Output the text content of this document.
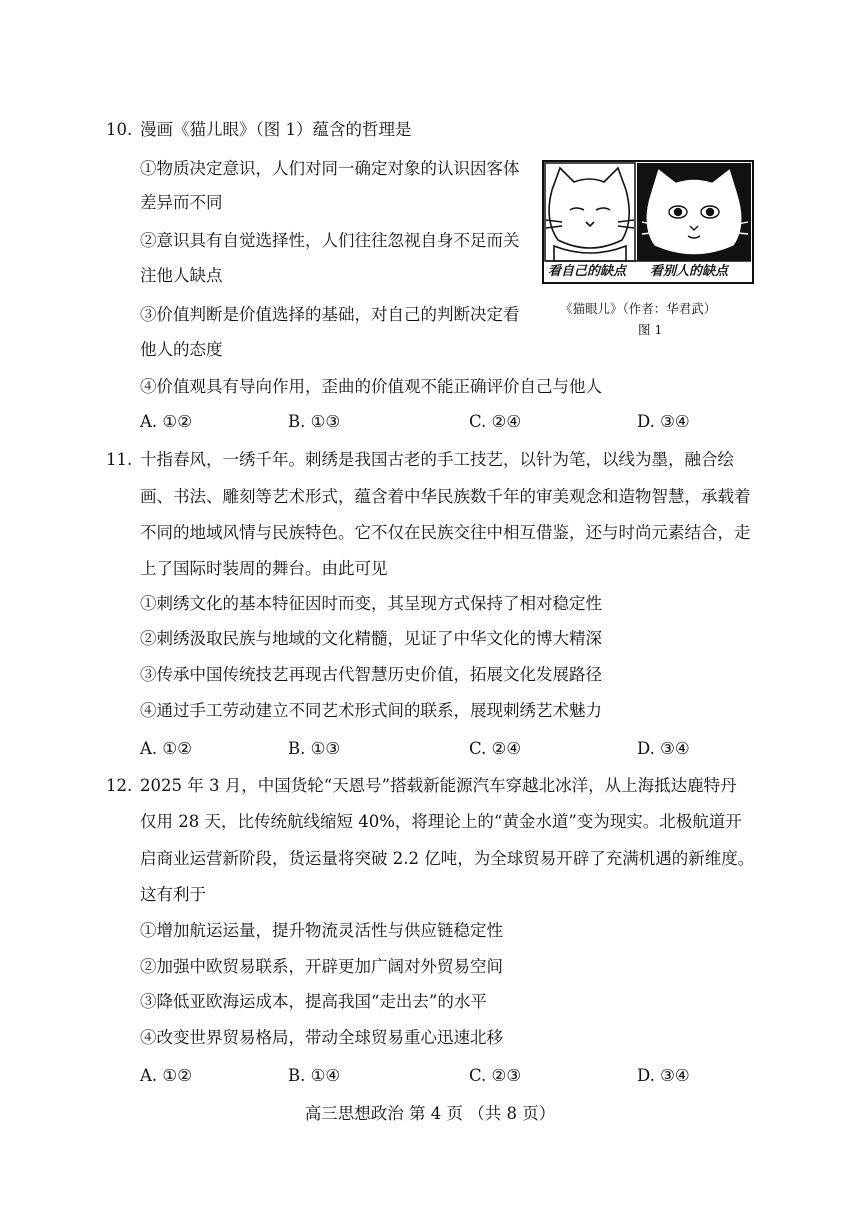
10. 漫画《猫儿眼》（图 1）蕴含的哲理是
①物质决定意识，人们对同一确定对象的认识因客体
差异而不同
②意识具有自觉选择性，人们往往忽视自身不足而关
注他人缺点
③价值判断是价值选择的基础，对自己的判断决定看
他人的态度
④价值观具有导向作用，歪曲的价值观不能正确评价自己与他人
A. ①②	B. ①③	C. ②④	D. ③④
看自己的缺点 看别人的缺点
《猫眼儿》（作者：华君武）
图 1
11. 十指春风，一绣千年。刺绣是我国古老的手工技艺，以针为笔，以线为墨，融合绘
画、书法、雕刻等艺术形式，蕴含着中华民族数千年的审美观念和造物智慧，承载着
不同的地域风情与民族特色。它不仅在民族交往中相互借鉴，还与时尚元素结合，走
上了国际时装周的舞台。由此可见
①刺绣文化的基本特征因时而变，其呈现方式保持了相对稳定性
②刺绣汲取民族与地域的文化精髓，见证了中华文化的博大精深
③传承中国传统技艺再现古代智慧历史价值，拓展文化发展路径
④通过手工劳动建立不同艺术形式间的联系，展现刺绣艺术魅力
A. ①②	B. ①③	C. ②④	D. ③④
12. 2025 年 3 月，中国货轮“天恩号”搭载新能源汽车穿越北冰洋，从上海抵达鹿特丹
仅用 28 天，比传统航线缩短 40%，将理论上的“黄金水道”变为现实。北极航道开
启商业运营新阶段，货运量将突破 2.2 亿吨，为全球贸易开辟了充满机遇的新维度。
这有利于
①增加航运运量，提升物流灵活性与供应链稳定性
②加强中欧贸易联系，开辟更加广阔对外贸易空间
③降低亚欧海运成本，提高我国“走出去”的水平
④改变世界贸易格局，带动全球贸易重心迅速北移
A. ①②	B. ①④	C. ②③	D. ③④
高三思想政治 第 4 页 （共 8 页）
